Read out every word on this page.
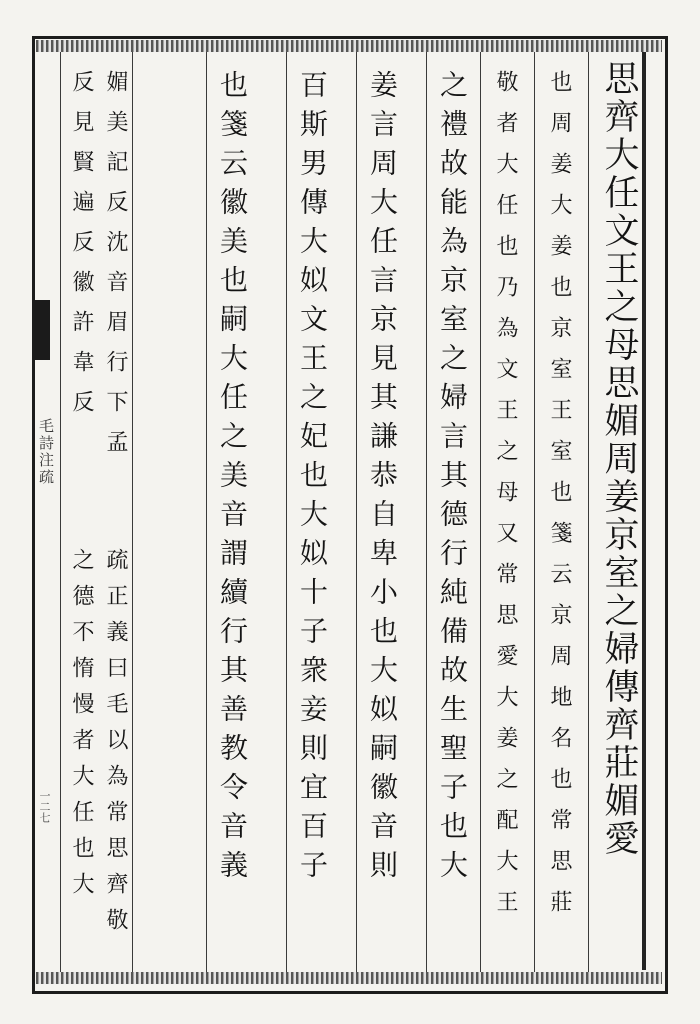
毛詩注疏
一二七	思齊大任文王之母思媚周姜京室之婦傳齊莊媚愛
也周姜大姜也京室王室也箋云京周地名也常思莊
敬者大任也乃為文王之母又常思愛大姜之配大王
之禮故能為京室之婦言其德行純備故生聖子也大
姜言周大任言京見其謙恭自卑小也大姒嗣徽音則
百斯男傳大姒文王之妃也大姒十子衆妾則宜百子
也箋云徽美也嗣大任之美音謂續行其善教令音義
媚美記反沈音眉行下孟
疏正義曰毛以為常思齊敬
反見賢遍反徽許韋反
之德不惰慢者大任也大
